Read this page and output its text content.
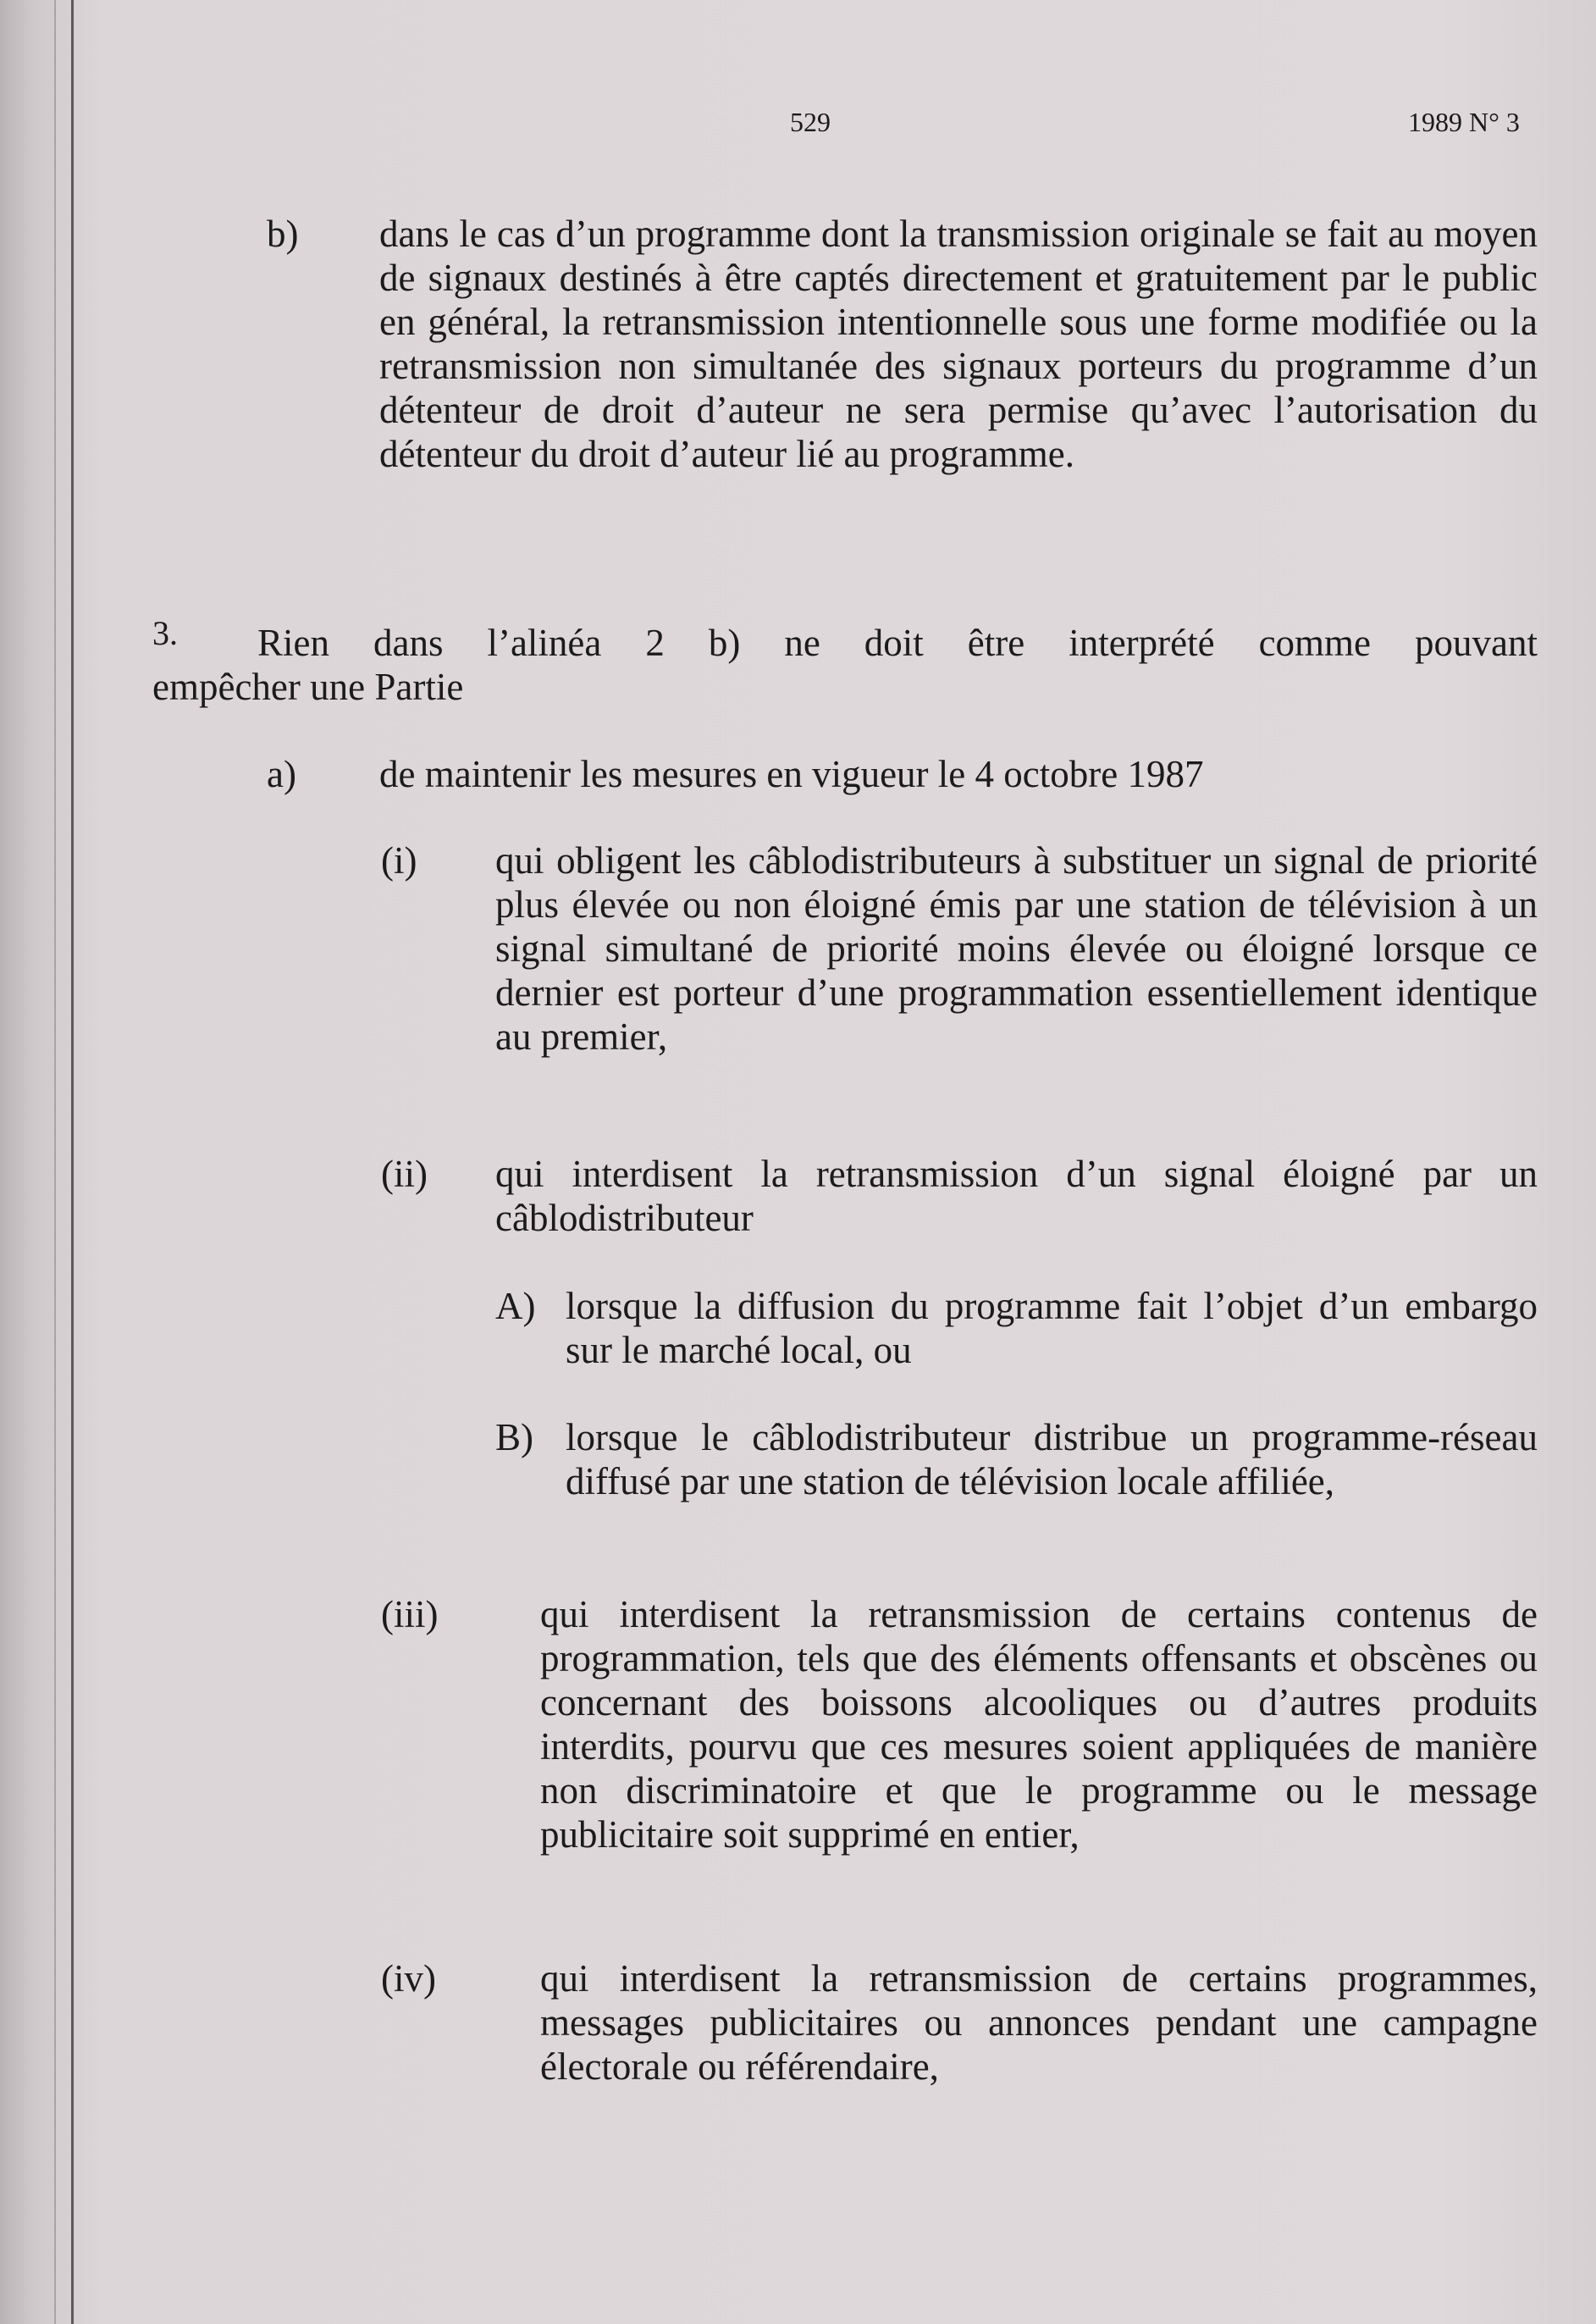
529	1989 N° 3
b) dans le cas d’un programme dont la transmission originale se fait au moyen de signaux destinés à être captés directement et gratuitement par le public en général, la retransmission intentionnelle sous une forme modifiée ou la retransmission non simultanée des signaux porteurs du programme d’un détenteur de droit d’auteur ne sera permise qu’avec l’autorisation du détenteur du droit d’auteur lié au programme.
3. Rien dans l’alinéa 2 b) ne doit être interprété comme pouvant
empêcher une Partie
a) de maintenir les mesures en vigueur le 4 octobre 1987
(i) qui obligent les câblodistributeurs à substituer un signal de priorité plus élevée ou non éloigné émis par une station de télévision à un signal simultané de priorité moins élevée ou éloigné lorsque ce dernier est porteur d’une programmation essentiellement identique au premier,
(ii) qui interdisent la retransmission d’un signal éloigné par un câblodistributeur
A) lorsque la diffusion du programme fait l’objet d’un embargo sur le marché local, ou
B) lorsque le câblodistributeur distribue un programme-réseau diffusé par une station de télévision locale affiliée,
(iii)	qui interdisent la retransmission de certains contenus de programmation, tels que des éléments offensants et obscènes ou concernant des boissons alcooliques ou d’autres produits interdits, pourvu que ces mesures soient appliquées de manière non discriminatoire et que le programme ou le message publicitaire soit supprimé en entier,
(iv)	qui interdisent la retransmission de certains programmes, messages publicitaires ou annonces pendant une campagne électorale ou référendaire,
